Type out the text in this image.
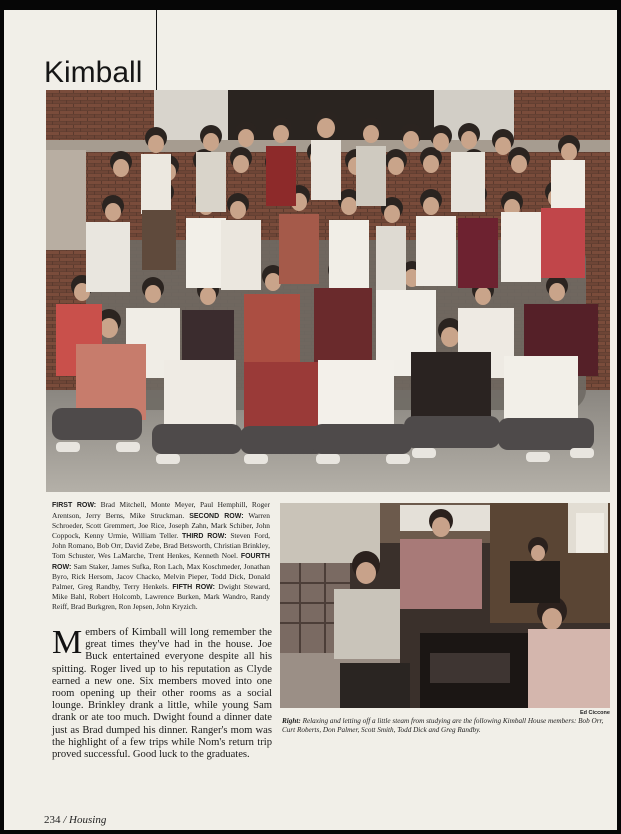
Kimball
FIRST ROW: Brad Mitchell, Monte Meyer, Paul Hemphill, Roger Arentson, Jerry Berns, Mike Struckman. SECOND ROW: Warren Schroeder, Scott Gremmert, Joe Rice, Joseph Zahn, Mark Schiber, John Coppock, Kenny Urmie, William Teller. THIRD ROW: Steven Ford, John Romano, Bob Orr, David Zebe, Brad Betsworth, Christian Brinkley, Tom Schuster, Wes LaMarche, Trent Henkes, Kenneth Noel. FOURTH ROW: Sam Staker, James Sufka, Ron Lach, Max Koschmeder, Jonathan Byro, Rick Hersom, Jacov Chacko, Melvin Pieper, Todd Dick, Donald Palmer, Greg Randby, Terry Henkels. FIFTH ROW: Dwight Steward, Mike Bahl, Robert Holcomb, Lawrence Burken, Mark Wandro, Randy Reiff, Brad Burkgren, Ron Jepsen, John Kryzich.
Members of Kimball will long remember the great times they've had in the house. Joe Buck entertained everyone despite all his spitting. Roger lived up to his reputation as Clyde earned a new one. Six members moved into one room opening up their other rooms as a social lounge. Brinkley drank a little, while young Sam drank or ate too much. Dwight found a dinner date just as Brad dumped his dinner. Ranger's mom was the highlight of a few trips while Nom's return trip proved successful. Good luck to the graduates.
Ed Ciccone
Right: Relaxing and letting off a little steam from studying are the following Kimball House members: Bob Orr, Curt Roberts, Don Palmer, Scott Smith, Todd Dick and Greg Randby.
234 / Housing
